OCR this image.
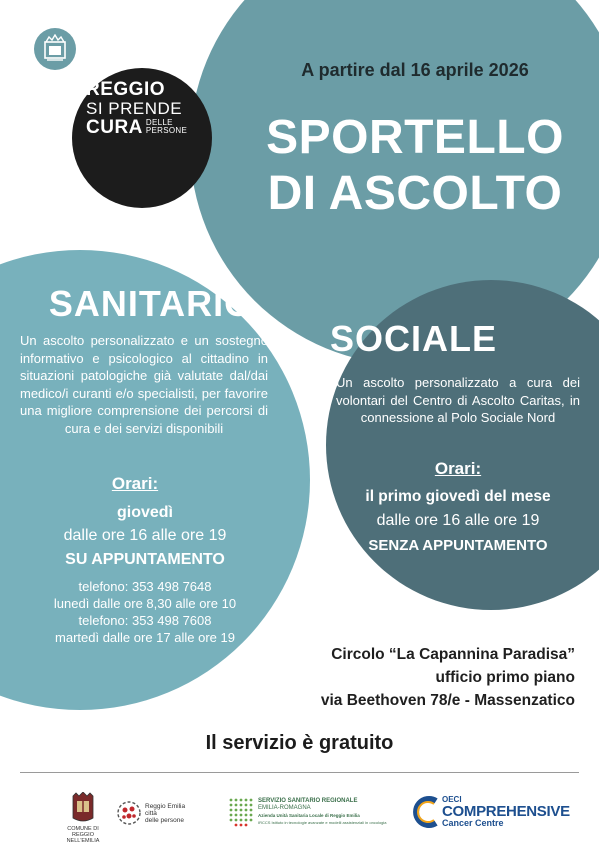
REGGIO
SI PRENDE
CURA DELLE
PERSONE
A partire dal 16 aprile 2026
SPORTELLO
DI ASCOLTO
SANITARIO
Un ascolto personalizzato e un sostegno informativo e psicologico al cittadino in situazioni patologiche già valutate dal/dai medico/i curanti e/o specialisti, per favorire una migliore comprensione dei percorsi di cura e dei servizi disponibili
Orari:
giovedì
dalle ore 16 alle ore 19
SU APPUNTAMENTO
telefono: 353 498 7648
lunedì dalle ore 8,30 alle ore 10
telefono: 353 498 7608
martedì dalle ore 17 alle ore 19
SOCIALE
Un ascolto personalizzato a cura dei volontari del Centro di Ascolto Caritas, in connessione al Polo Sociale Nord
Orari:
il primo giovedì del mese
dalle ore 16 alle ore 19
SENZA APPUNTAMENTO
Circolo “La Capannina Paradisa”
ufficio primo piano
via Beethoven 78/e - Massenzatico
Il servizio è gratuito
COMUNE DI
REGGIO NELL'EMILIA
Reggio Emilia
città
delle persone
SERVIZIO SANITARIO REGIONALE
EMILIA-ROMAGNA
Azienda Unità Sanitaria Locale di Reggio Emilia
IRCCS Istituto in tecnologie avanzate e modelli assistenziali in oncologia
OECI
COMPREHENSIVE
Cancer Centre
